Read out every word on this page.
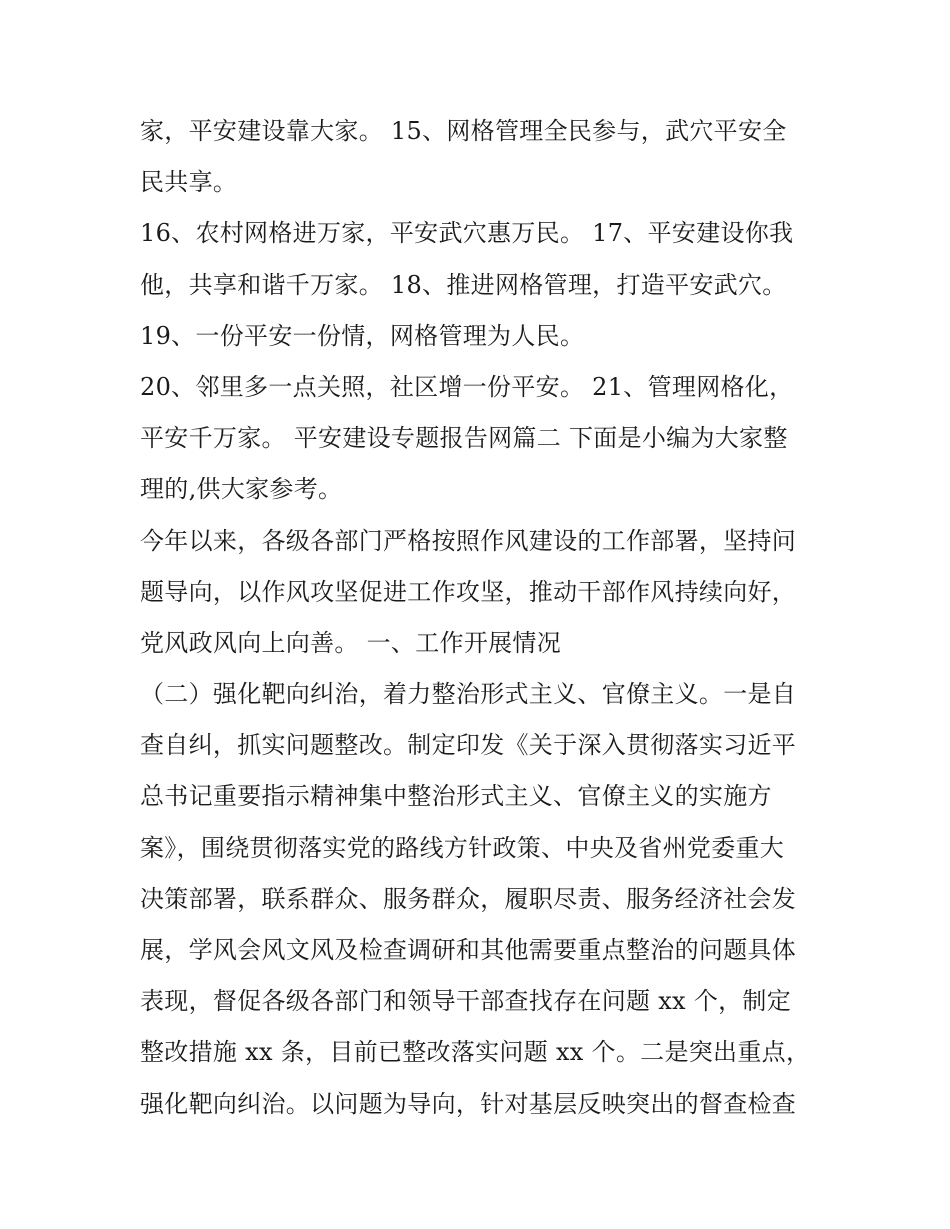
家，平安建设靠大家。 15、网格管理全民参与，武穴平安全
民共享。
16、农村网格进万家，平安武穴惠万民。 17、平安建设你我
他，共享和谐千万家。 18、推进网格管理，打造平安武穴。
19、一份平安一份情，网格管理为人民。
20、邻里多一点关照，社区增一份平安。 21、管理网格化，
平安千万家。 平安建设专题报告网篇二 下面是小编为大家整
理的,供大家参考。
今年以来，各级各部门严格按照作风建设的工作部署，坚持问
题导向，以作风攻坚促进工作攻坚，推动干部作风持续向好，
党风政风向上向善。 一、工作开展情况
（二）强化靶向纠治，着力整治形式主义、官僚主义。一是自
查自纠，抓实问题整改。制定印发《关于深入贯彻落实习近平
总书记重要指示精神集中整治形式主义、官僚主义的实施方
案》，围绕贯彻落实党的路线方针政策、中央及省州党委重大
决策部署，联系群众、服务群众，履职尽责、服务经济社会发
展，学风会风文风及检查调研和其他需要重点整治的问题具体
表现，督促各级各部门和领导干部查找存在问题 xx 个，制定
整改措施 xx 条，目前已整改落实问题 xx 个。二是突出重点，
强化靶向纠治。以问题为导向，针对基层反映突出的督查检查
